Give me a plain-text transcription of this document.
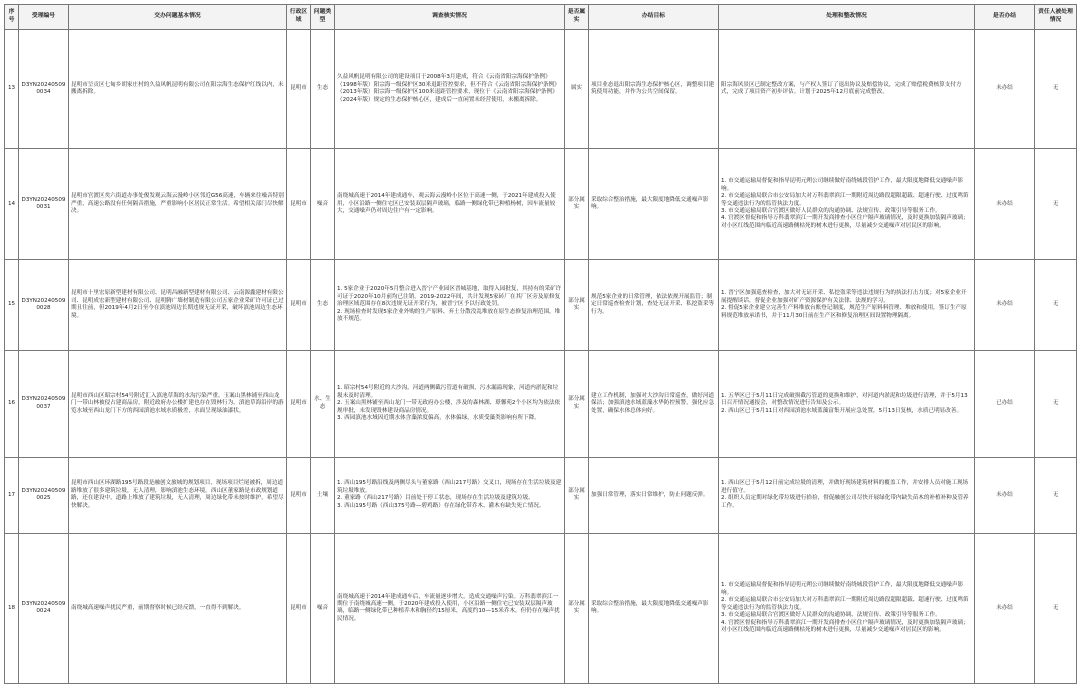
序号	受理编号	交办问题基本情况	行政区域	问题类型	调查核实情况	是否属实	办结目标	处理和整改情况	是否办结	责任人被处理情况
13	D3YN20240509 0034	昆明市呈贡区七甸乡胡家庄村的久益风帆昆明有限公司在阳宗海生态保护红线以内，未搬离拆除。	昆明市	生态	久益风帆昆明有限公司的建设项目于2008年3月建成，符合《云南省阳宗海保护条例》（1998年版）阳宗海一级保护区30米退距管控要求，但不符合《云南省阳宗海保护条例》（2013年版）阳宗海一级保护区100米退距管控要求，现位于《云南省阳宗海保护条例》（2024年版）规定的生态保护核心区，建成后一直闲置未经营使用，未搬离拆除。	属实	项目业态退出阳宗海生态保护核心区，调整项目建筑使用功能，并作为公共空间保留。	阳宗海风景区已制定整改方案，与产权人签订了退出协议及赔偿协议，完成了赔偿税费核算支付方式，完成了项目资产初步评估。计划于2025年12月底前完成整改。	未办结	无
14	D3YN20240509 0031	昆明市官渡区矣六街道办事处俊发观云海云漫岭小区邻近G56高速，车辆来往噪音特别严重，高速公路没有任何隔音措施，严重影响小区居民正常生活。希望相关部门尽快解决。	昆明市	噪音	南绕城高速于2014年建成通车，观云海云漫岭小区位于高速一侧，于2021年建成投入使用，小区沿路一侧住宅区已安装双层隔声玻璃，临路一侧绿化带已种植杨树，因车流量较大，交通噪声仍对周边住户有一定影响。	部分属实	采取综合整治措施，最大限度地降低交通噪声影响。	1. 市交通运输局督促和指导昆明元朔公司继续做好南绕城段管护工作，最大限度地降低交通噪声影响。
2. 市交通运输局联合市公安局加大对万科翡翠滨江一期附近周边路段超限超载、超速行驶、过度鸣笛等交通违法行为的监管执法力度。
3. 市交通运输局联合官渡区做好人民群众的沟通协调、法规宣传、政策引导等服务工作。
4. 官渡区督促和指导万科翡翠滨江一期开发商排查小区住户隔声玻璃情况，及时更换加装隔声玻璃；对小区红线范围内临近高速路侧枯死的树木进行更换，尽量减少交通噪声对居民区的影响。	未办结	无
15	D3YN20240509 0028	昆明市十里宏原新型建材有限公司、昆明昌融新型建材有限公司、云南源鑫建材有限公司、昆明成宏新型建材有限公司、昆明腾广墙材制造有限公司五家企业采矿许可证已过期且往前，但2019年4月2日至今在滇池周边长期违规无证开采，破坏滇池周边生态环境。	昆明市	生态	1. 5家企业于2020年5月整合进入晋宁产业园区晋城基地，取得入园批复，其持有的采矿许可证于2020年10月前均已注销。2019-2022年间，共计发现5家砖厂在其厂区旁及原修复治理区域范围存在8次违规无证开采行为，被晋宁区予以行政处罚。
2. 现场检查时发现5家企业外购的生产原料、弃土分散没乱堆放在原生态修复治理范围，堆放不规范。	部分属实	规范5家企业的日常管理，依法依规开展监管；制定日常巡查检查计划，查处无证开采、私挖盗采等行为。	1. 晋宁区加强巡查检查，加大对无证开采、私挖盗采等违法违规行为的执法打击力度；对5家企业开展提醒谈话，督促企业加强对矿产资源保护有关法律、法规的学习。
2. 督促5家企业建立完善生产料堆放台账登记制度，规范生产原料料管理、堆放和使用，签订生产原料规范堆放承诺书，并于11月30日前在生产区和修复治理区间设置物理隔离。	未办结	无
16	D3YN20240509 0037	昆明市西山区昭宗村54号附近汇入滇池草海的水沟污染严重。玉案山黑林铺至西山龙门一带山林被侵占建商品房，附近政府办公楼扩建也存在毁林行为。滇池草海沿岸的游览水域至西山龙门下方的西园滇池水域水质极差，水面呈现绿油漆状。	昆明市	水、生态	1. 昭宗村54号附近的大沙沟，河道两侧截污管道有破损，污水漏溢现象，河道内淤泥和垃圾未及时清理。
2. 玉案山黑林铺至西山龙门一带无政府办公楼，涉及的森林湖、璟馨苑2个小区均为依法依规审批，未发现毁林建设商品房情况。
3. 西园滇池水域因近期水体含藻浓度偏高，水体偏绿，水质受藻类影响有所下降。	部分属实	建立工作机制，加强对大沙沟日常巡查，做好河道保洁；加强滇池水域蓝藻水华防控预警，强化应急处置，确保水体总体向好。	1. 五华区已于5月11日完成破损截污管道的更换和维护，对河道内淤泥和垃圾进行清理，并于5月13日召开情况通报会，对整改情况进行告知及公示。
2. 西山区已于5月11日对西园滇池水域蓝藻富集开展应急处置，5月13日复核，水质已明显改善。	已办结	无
17	D3YN20240509 0025	昆明市西山区环湖路195号路段是融创文旅城的规划项目，现场项目烂尾被拆，周边道路堆放了很多建筑垃圾，无人清理，影响滇池生态环境。西山区董家路是市政规划道路，还在建设中，道路上堆放了建筑垃圾，无人清理，周边绿化带未按时维护。希望尽快解决。	昆明市	土壤	1. 西山195号路沿线及两侧尽头与董家路（西山217号路）交叉口，现场存在生活垃圾及建筑垃圾堆放。
2. 董家路（西山217号路）目前处于停工状态，现场存在生活垃圾及建筑垃圾。
3. 西山195号路（西山375号路—碧鸡路）存在绿化带乔木、灌木有缺失死亡情况。	部分属实	加强日常管理，落实日常维护，防止问题反弹。	1. 西山区已于5月12日前完成垃圾的清理，并做好现场建筑材料的覆盖工作，并安排人员对施工现场进行值守。
2. 组织人员定期对绿化带垃圾进行拾捡，督促融创公司尽快开展绿化带内缺失苗木的补植补种及管养工作。	未办结	无
18	D3YN20240509 0024	南绕城高速噪声扰民严重，前期督察时候已经反馈，一直得不到解决。	昆明市	噪音	南绕城高速于2014年建成通车后，车流量逐步增大，造成交通噪声污染。万科翡翠滨江一期位于南绕城高速一侧，于2020年建成投入使用，小区沿路一侧住宅已安装双层隔声玻璃，临路一侧绿化带已种植乔木和胸径约15厘米，高度约10—15米乔木，但仍存在噪声扰民情况。	部分属实	采取综合整治措施，最大限度地降低交通噪声影响。	1. 市交通运输局督促和指导昆明元朔公司继续做好南绕城段管护工作，最大限度地降低交通噪声影响。
2. 市交通运输局联合市公安局加大对万科翡翠滨江一期附近周边路段超限超载、超速行驶、过度鸣笛等交通违法行为的监管执法力度。
3. 市交通运输局联合官渡区做好人民群众的沟通协调、法规宣传、政策引导等服务工作。
4. 官渡区督促和指导万科翡翠滨江一期开发商排查小区住户隔声玻璃情况，及时更换加装隔声玻璃；对小区红线范围内临近高速路侧枯死的树木进行更换，尽量减少交通噪声对居民区的影响。	未办结	无
